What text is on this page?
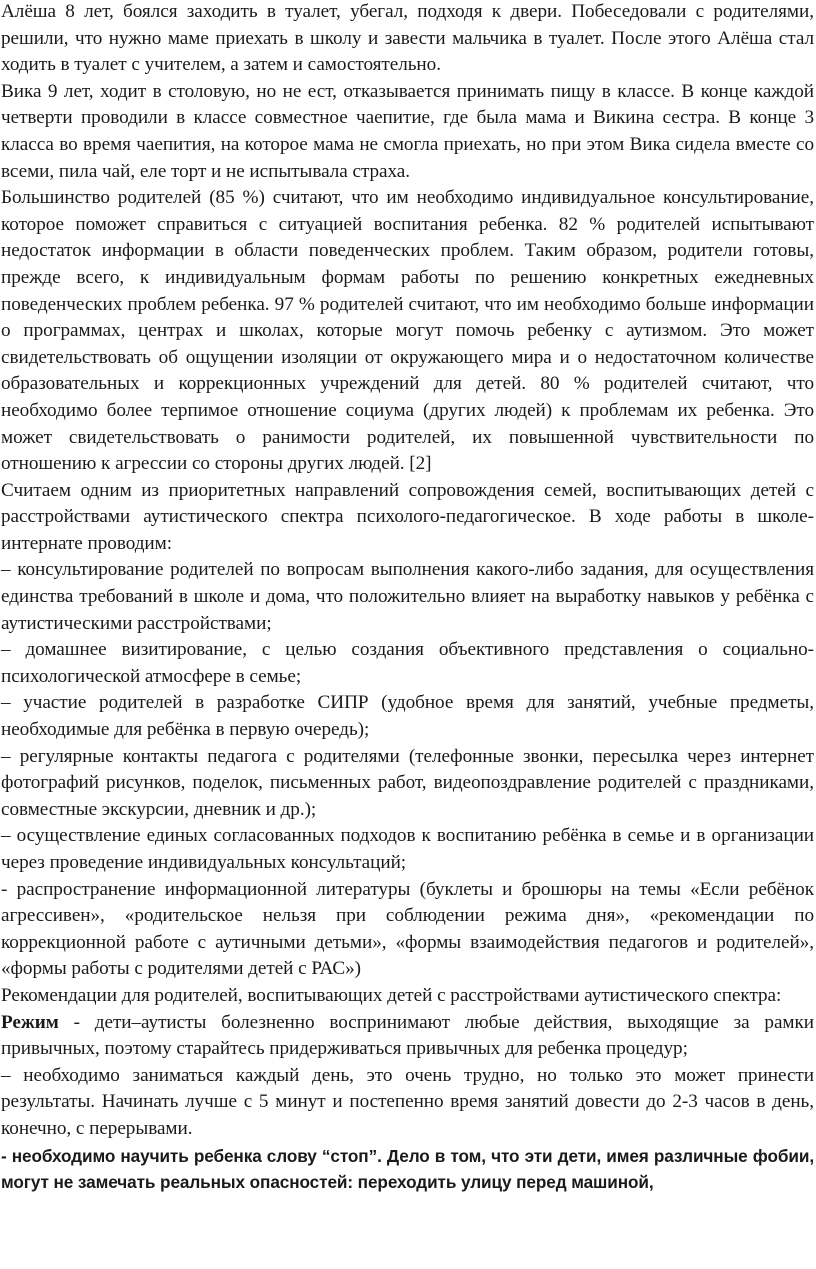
Алёша 8 лет, боялся заходить в туалет, убегал, подходя к двери. Побеседовали с родителями, решили, что нужно маме приехать в школу и завести мальчика в туалет. После этого Алёша стал ходить в туалет с учителем, а затем и самостоятельно.

Вика 9 лет, ходит в столовую, но не ест, отказывается принимать пищу в классе. В конце каждой четверти проводили в классе совместное чаепитие, где была мама и Викина сестра. В конце 3 класса во время чаепития, на которое мама не смогла приехать, но при этом Вика сидела вместе со всеми, пила чай, еле торт и не испытывала страха.

Большинство родителей (85 %) считают, что им необходимо индивидуальное консультирование, которое поможет справиться с ситуацией воспитания ребенка. 82 % родителей испытывают недостаток информации в области поведенческих проблем. Таким образом, родители готовы, прежде всего, к индивидуальным формам работы по решению конкретных ежедневных поведенческих проблем ребенка. 97 % родителей считают, что им необходимо больше информации о программах, центрах и школах, которые могут помочь ребенку с аутизмом. Это может свидетельствовать об ощущении изоляции от окружающего мира и о недостаточном количестве образовательных и коррекционных учреждений для детей. 80 % родителей считают, что необходимо более терпимое отношение социума (других людей) к проблемам их ребенка. Это может свидетельствовать о ранимости родителей, их повышенной чувствительности по отношению к агрессии со стороны других людей. [2]

Считаем одним из приоритетных направлений сопровождения семей, воспитывающих детей с расстройствами аутистического спектра психолого-педагогическое. В ходе работы в школе-интернате проводим:

– консультирование родителей по вопросам выполнения какого-либо задания, для осуществления единства требований в школе и дома, что положительно влияет на выработку навыков у ребёнка с аутистическими расстройствами;

– домашнее визитирование, с целью создания объективного представления о социально-психологической атмосфере в семье;

– участие родителей в разработке СИПР (удобное время для занятий, учебные предметы, необходимые для ребёнка в первую очередь);

– регулярные контакты педагога с родителями (телефонные звонки, пересылка через интернет фотографий рисунков, поделок, письменных работ, видеопоздравление родителей с праздниками, совместные экскурсии, дневник и др.);

– осуществление единых согласованных подходов к воспитанию ребёнка в семье и в организации через проведение индивидуальных консультаций;

- распространение информационной литературы (буклеты и брошюры на темы «Если ребёнок агрессивен», «родительское нельзя при соблюдении режима дня», «рекомендации по коррекционной работе с аутичными детьми», «формы взаимодействия педагогов и родителей», «формы работы с родителями детей с РАС»)

Рекомендации для родителей, воспитывающих детей с расстройствами аутистического спектра:

Режим - дети–аутисты болезненно воспринимают любые действия, выходящие за рамки привычных, поэтому старайтесь придерживаться привычных для ребенка процедур;

– необходимо заниматься каждый день, это очень трудно, но только это может принести результаты. Начинать лучше с 5 минут и постепенно время занятий довести до 2-3 часов в день, конечно, с перерывами.

- необходимо научить ребенка слову “стоп”. Дело в том, что эти дети, имея различные фобии, могут не замечать реальных опасностей: переходить улицу перед машиной,
